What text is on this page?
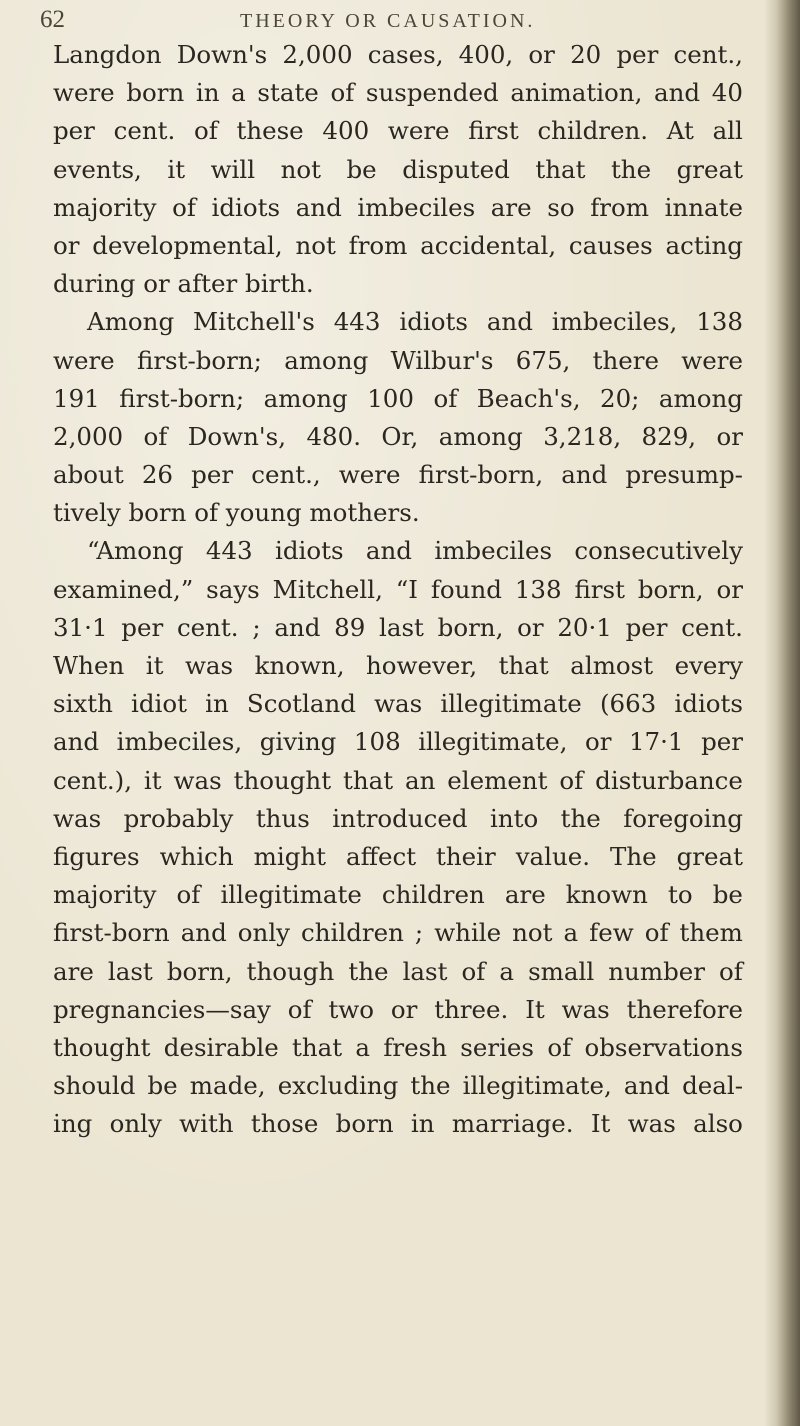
62	THEORY OR CAUSATION.
Langdon Down's 2,000 cases, 400, or 20 per cent.,
were born in a state of suspended animation, and 40
per cent. of these 400 were first children. At all
events, it will not be disputed that the great
majority of idiots and imbeciles are so from innate
or developmental, not from accidental, causes acting
during or after birth.
Among Mitchell's 443 idiots and imbeciles, 138
were first-born; among Wilbur's 675, there were
191 first-born; among 100 of Beach's, 20; among
2,000 of Down's, 480. Or, among 3,218, 829, or
about 26 per cent., were first-born, and presump-
tively born of young mothers.
“Among 443 idiots and imbeciles consecutively
examined,” says Mitchell, “I found 138 first born, or
31·1 per cent. ; and 89 last born, or 20·1 per cent.
When it was known, however, that almost every
sixth idiot in Scotland was illegitimate (663 idiots
and imbeciles, giving 108 illegitimate, or 17·1 per
cent.), it was thought that an element of disturbance
was probably thus introduced into the foregoing
figures which might affect their value. The great
majority of illegitimate children are known to be
first-born and only children ; while not a few of them
are last born, though the last of a small number of
pregnancies—say of two or three. It was therefore
thought desirable that a fresh series of observations
should be made, excluding the illegitimate, and deal-
ing only with those born in marriage. It was also
